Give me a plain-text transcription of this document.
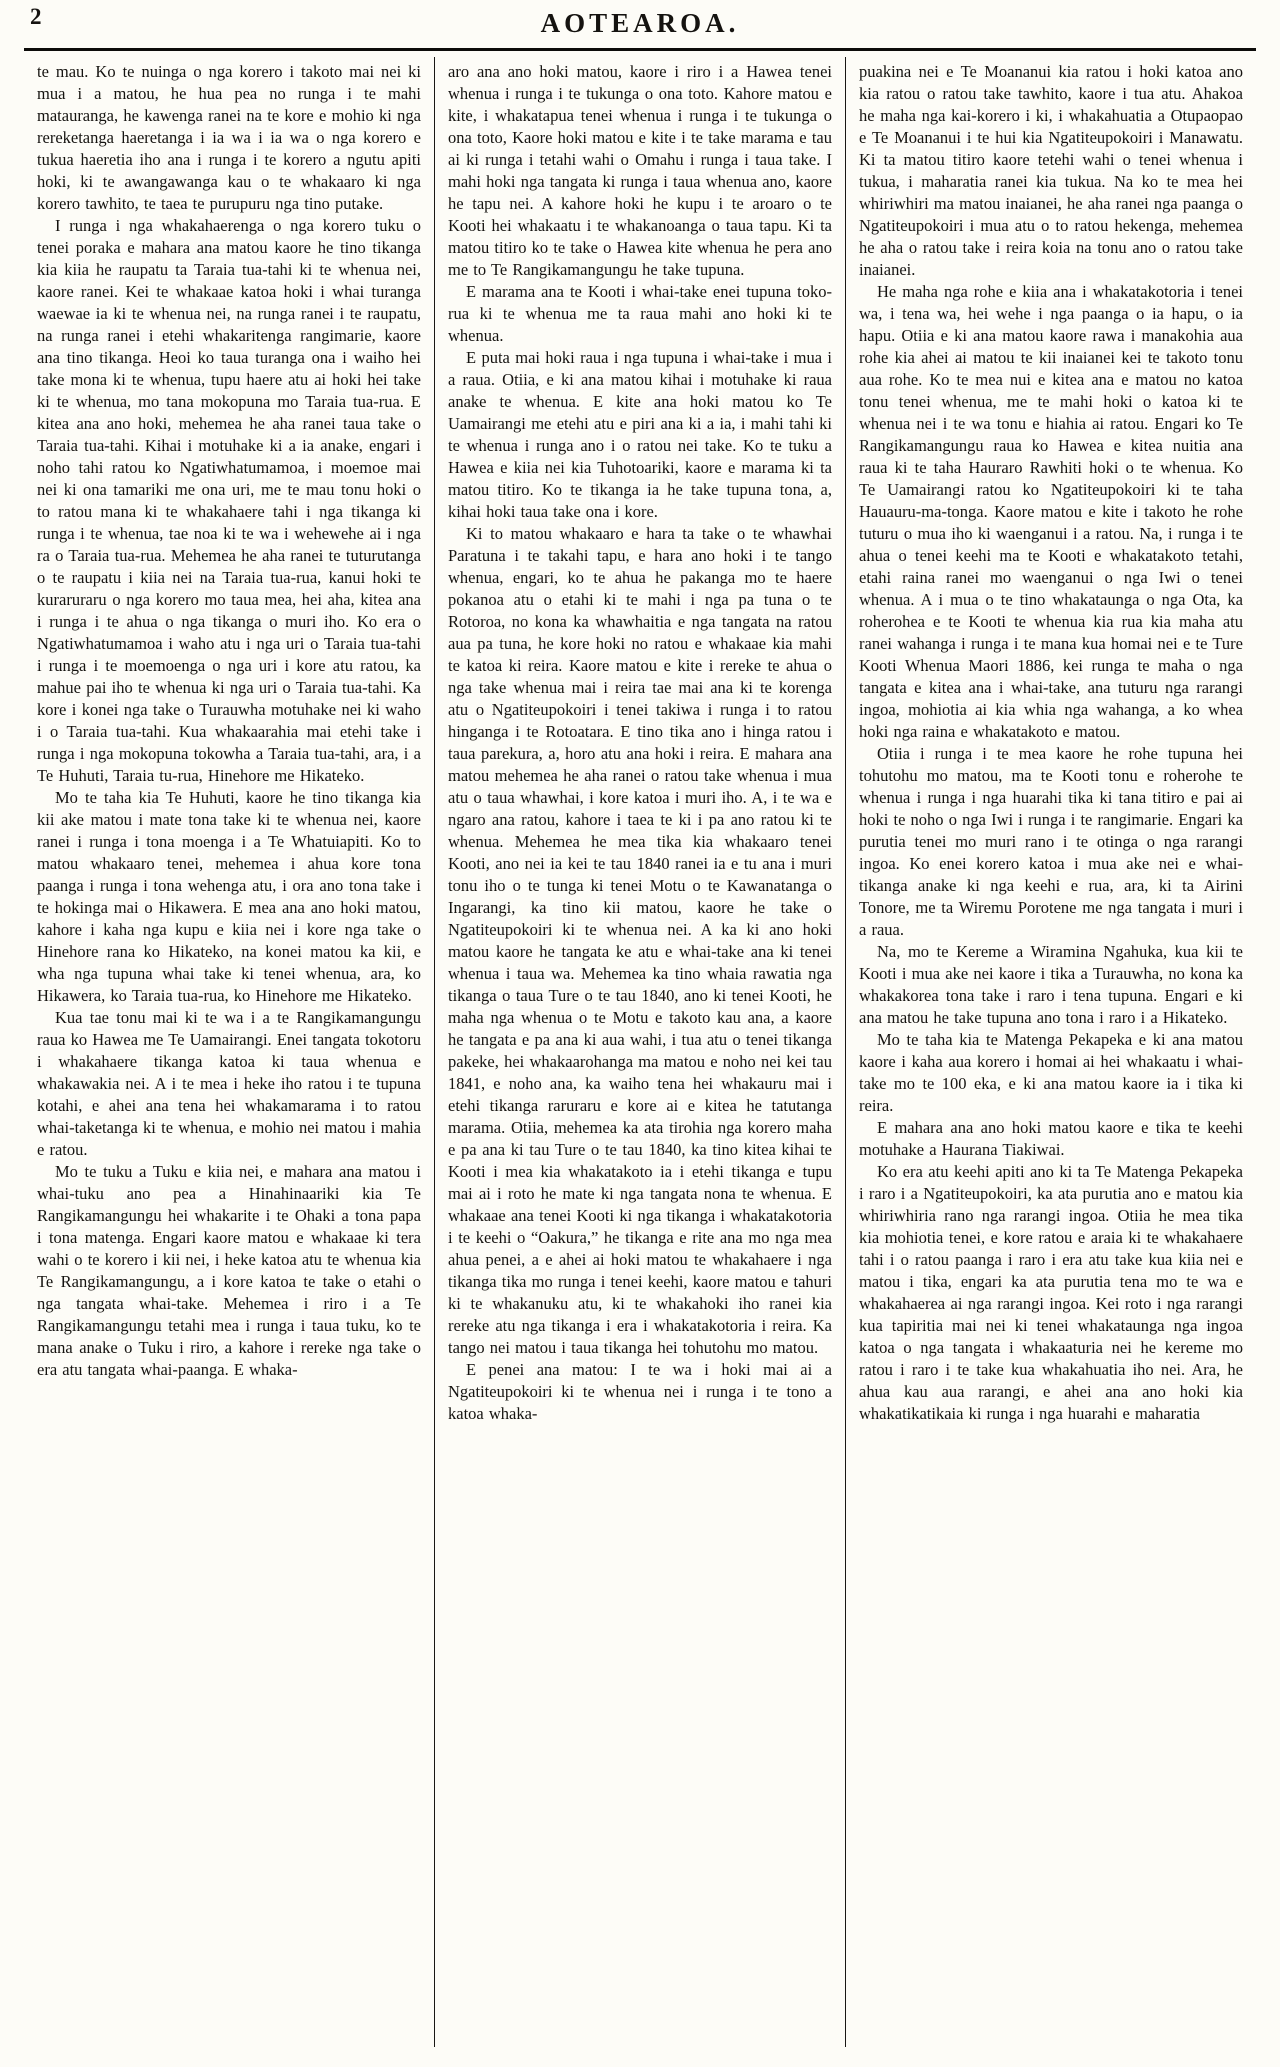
2	AOTEAROA.

te mau. Ko te nuinga o nga korero i takoto mai nei ki mua i a matou, he hua pea no runga i te mahi matauranga, he kawenga ranei na te kore e mohio ki nga rereketanga haeretanga i ia wa i ia wa o nga korero e tukua haeretia iho ana i runga i te korero a ngutu apiti hoki, ki te awangawanga kau o te whakaaro ki nga korero tawhito, te taea te purupuru nga tino putake.

I runga i nga whakahaerenga o nga korero tuku o tenei poraka e mahara ana matou kaore he tino tikanga kia kiia he raupatu ta Taraia tua-tahi ki te whenua nei, kaore ranei. Kei te whakaae katoa hoki i whai turanga waewae ia ki te whenua nei, na runga ranei i te raupatu, na runga ranei i etehi whakaritenga rangimarie, kaore ana tino tikanga. Heoi ko taua turanga ona i waiho hei take mona ki te whenua, tupu haere atu ai hoki hei take ki te whenua, mo tana mokopuna mo Taraia tua-rua. E kitea ana ano hoki, mehemea he aha ranei taua take o Taraia tua-tahi. Kihai i motuhake ki a ia anake, engari i noho tahi ratou ko Ngatiwhatumamoa, i moemoe mai nei ki ona tamariki me ona uri, me te mau tonu hoki o to ratou mana ki te whakahaere tahi i nga tikanga ki runga i te whenua, tae noa ki te wa i wehewehe ai i nga ra o Taraia tua-rua. Mehemea he aha ranei te tuturutanga o te raupatu i kiia nei na Taraia tua-rua, kanui hoki te kuraruraru o nga korero mo taua mea, hei aha, kitea ana i runga i te ahua o nga tikanga o muri iho. Ko era o Ngatiwhatumamoa i waho atu i nga uri o Taraia tua-tahi i runga i te moemoenga o nga uri i kore atu ratou, ka mahue pai iho te whenua ki nga uri o Taraia tua-tahi. Ka kore i konei nga take o Turauwha motuhake nei ki waho i o Taraia tua-tahi. Kua whakaarahia mai etehi take i runga i nga mokopuna tokowha a Taraia tua-tahi, ara, i a Te Huhuti, Taraia tu-rua, Hinehore me Hikateko.

Mo te taha kia Te Huhuti, kaore he tino tikanga kia kii ake matou i mate tona take ki te whenua nei, kaore ranei i runga i tona moenga i a Te Whatuiapiti. Ko to matou whakaaro tenei, mehemea i ahua kore tona paanga i runga i tona wehenga atu, i ora ano tona take i te hokinga mai o Hikawera. E mea ana ano hoki matou, kahore i kaha nga kupu e kiia nei i kore nga take o Hinehore rana ko Hikateko, na konei matou ka kii, e wha nga tupuna whai take ki tenei whenua, ara, ko Hikawera, ko Taraia tua-rua, ko Hinehore me Hikateko.

Kua tae tonu mai ki te wa i a te Rangikamangungu raua ko Hawea me Te Uamairangi. Enei tangata tokotoru i whakahaere tikanga katoa ki taua whenua e whakawakia nei. A i te mea i heke iho ratou i te tupuna kotahi, e ahei ana tena hei whakamarama i to ratou whai-taketanga ki te whenua, e mohio nei matou i mahia e ratou.

Mo te tuku a Tuku e kiia nei, e mahara ana matou i whai-tuku ano pea a Hinahinaariki kia Te Rangikamangungu hei whakarite i te Ohaki a tona papa i tona matenga. Engari kaore matou e whakaae ki tera wahi o te korero i kii nei, i heke katoa atu te whenua kia Te Rangikamangungu, a i kore katoa te take o etahi o nga tangata whai-take. Mehemea i riro i a Te Rangikamangungu tetahi mea i runga i taua tuku, ko te mana anake o Tuku i riro, a kahore i rereke nga take o era atu tangata whai-paanga. E whaka-

aro ana ano hoki matou, kaore i riro i a Hawea tenei whenua i runga i te tukunga o ona toto. Kahore matou e kite, i whakatapua tenei whenua i runga i te tukunga o ona toto, Kaore hoki matou e kite i te take marama e tau ai ki runga i tetahi wahi o Omahu i runga i taua take. I mahi hoki nga tangata ki runga i taua whenua ano, kaore he tapu nei. A kahore hoki he kupu i te aroaro o te Kooti hei whakaatu i te whakanoanga o taua tapu. Ki ta matou titiro ko te take o Hawea kite whenua he pera ano me to Te Rangikamangungu he take tupuna.

E marama ana te Kooti i whai-take enei tupuna toko-rua ki te whenua me ta raua mahi ano hoki ki te whenua.

E puta mai hoki raua i nga tupuna i whai-take i mua i a raua. Otiia, e ki ana matou kihai i motuhake ki raua anake te whenua. E kite ana hoki matou ko Te Uamairangi me etehi atu e piri ana ki a ia, i mahi tahi ki te whenua i runga ano i o ratou nei take. Ko te tuku a Hawea e kiia nei kia Tuhotoariki, kaore e marama ki ta matou titiro. Ko te tikanga ia he take tupuna tona, a, kihai hoki taua take ona i kore.

Ki to matou whakaaro e hara ta take o te whawhai Paratuna i te takahi tapu, e hara ano hoki i te tango whenua, engari, ko te ahua he pakanga mo te haere pokanoa atu o etahi ki te mahi i nga pa tuna o te Rotoroa, no kona ka whawhaitia e nga tangata na ratou aua pa tuna, he kore hoki no ratou e whakaae kia mahi te katoa ki reira. Kaore matou e kite i rereke te ahua o nga take whenua mai i reira tae mai ana ki te korenga atu o Ngatiteupokoiri i tenei takiwa i runga i to ratou hinganga i te Rotoatara. E tino tika ano i hinga ratou i taua parekura, a, horo atu ana hoki i reira. E mahara ana matou mehemea he aha ranei o ratou take whenua i mua atu o taua whawhai, i kore katoa i muri iho. A, i te wa e ngaro ana ratou, kahore i taea te ki i pa ano ratou ki te whenua. Mehemea he mea tika kia whakaaro tenei Kooti, ano nei ia kei te tau 1840 ranei ia e tu ana i muri tonu iho o te tunga ki tenei Motu o te Kawanatanga o Ingarangi, ka tino kii matou, kaore he take o Ngatiteupokoiri ki te whenua nei. A ka ki ano hoki matou kaore he tangata ke atu e whai-take ana ki tenei whenua i taua wa. Mehemea ka tino whaia rawatia nga tikanga o taua Ture o te tau 1840, ano ki tenei Kooti, he maha nga whenua o te Motu e takoto kau ana, a kaore he tangata e pa ana ki aua wahi, i tua atu o tenei tikanga pakeke, hei whakaarohanga ma matou e noho nei kei tau 1841, e noho ana, ka waiho tena hei whakauru mai i etehi tikanga raruraru e kore ai e kitea he tatutanga marama. Otiia, mehemea ka ata tirohia nga korero maha e pa ana ki tau Ture o te tau 1840, ka tino kitea kihai te Kooti i mea kia whakatakoto ia i etehi tikanga e tupu mai ai i roto he mate ki nga tangata nona te whenua. E whakaae ana tenei Kooti ki nga tikanga i whakatakotoria i te keehi o “Oakura,” he tikanga e rite ana mo nga mea ahua penei, a e ahei ai hoki matou te whakahaere i nga tikanga tika mo runga i tenei keehi, kaore matou e tahuri ki te whakanuku atu, ki te whakahoki iho ranei kia rereke atu nga tikanga i era i whakatakotoria i reira. Ka tango nei matou i taua tikanga hei tohutohu mo matou.

E penei ana matou: I te wa i hoki mai ai a Ngatiteupokoiri ki te whenua nei i runga i te tono a katoa whaka-

puakina nei e Te Moananui kia ratou i hoki katoa ano kia ratou o ratou take tawhito, kaore i tua atu. Ahakoa he maha nga kai-korero i ki, i whakahuatia a Otupaopao e Te Moananui i te hui kia Ngatiteupokoiri i Manawatu. Ki ta matou titiro kaore tetehi wahi o tenei whenua i tukua, i maharatia ranei kia tukua. Na ko te mea hei whiriwhiri ma matou inaianei, he aha ranei nga paanga o Ngatiteupokoiri i mua atu o to ratou hekenga, mehemea he aha o ratou take i reira koia na tonu ano o ratou take inaianei.

He maha nga rohe e kiia ana i whakatakotoria i tenei wa, i tena wa, hei wehe i nga paanga o ia hapu, o ia hapu. Otiia e ki ana matou kaore rawa i manakohia aua rohe kia ahei ai matou te kii inaianei kei te takoto tonu aua rohe. Ko te mea nui e kitea ana e matou no katoa tonu tenei whenua, me te mahi hoki o katoa ki te whenua nei i te wa tonu e hiahia ai ratou. Engari ko Te Rangikamangungu raua ko Hawea e kitea nuitia ana raua ki te taha Hauraro Rawhiti hoki o te whenua. Ko Te Uamairangi ratou ko Ngatiteupokoiri ki te taha Hauauru-ma-tonga. Kaore matou e kite i takoto he rohe tuturu o mua iho ki waenganui i a ratou. Na, i runga i te ahua o tenei keehi ma te Kooti e whakatakoto tetahi, etahi raina ranei mo waenganui o nga Iwi o tenei whenua. A i mua o te tino whakataunga o nga Ota, ka roherohea e te Kooti te whenua kia rua kia maha atu ranei wahanga i runga i te mana kua homai nei e te Ture Kooti Whenua Maori 1886, kei runga te maha o nga tangata e kitea ana i whai-take, ana tuturu nga rarangi ingoa, mohiotia ai kia whia nga wahanga, a ko whea hoki nga raina e whakatakoto e matou.

Otiia i runga i te mea kaore he rohe tupuna hei tohutohu mo matou, ma te Kooti tonu e roherohe te whenua i runga i nga huarahi tika ki tana titiro e pai ai hoki te noho o nga Iwi i runga i te rangimarie. Engari ka purutia tenei mo muri rano i te otinga o nga rarangi ingoa. Ko enei korero katoa i mua ake nei e whai-tikanga anake ki nga keehi e rua, ara, ki ta Airini Tonore, me ta Wiremu Porotene me nga tangata i muri i a raua.

Na, mo te Kereme a Wiramina Ngahuka, kua kii te Kooti i mua ake nei kaore i tika a Turauwha, no kona ka whakakorea tona take i raro i tena tupuna. Engari e ki ana matou he take tupuna ano tona i raro i a Hikateko.

Mo te taha kia te Matenga Pekapeka e ki ana matou kaore i kaha aua korero i homai ai hei whakaatu i whai-take mo te 100 eka, e ki ana matou kaore ia i tika ki reira.

E mahara ana ano hoki matou kaore e tika te keehi motuhake a Haurana Tiakiwai.

Ko era atu keehi apiti ano ki ta Te Matenga Pekapeka i raro i a Ngatiteupokoiri, ka ata purutia ano e matou kia whiriwhiria rano nga rarangi ingoa. Otiia he mea tika kia mohiotia tenei, e kore ratou e araia ki te whakahaere tahi i o ratou paanga i raro i era atu take kua kiia nei e matou i tika, engari ka ata purutia tena mo te wa e whakahaerea ai nga rarangi ingoa. Kei roto i nga rarangi kua tapiritia mai nei ki tenei whakataunga nga ingoa katoa o nga tangata i whakaaturia nei he kereme mo ratou i raro i te take kua whakahuatia iho nei. Ara, he ahua kau aua rarangi, e ahei ana ano hoki kia whakatikatikaia ki runga i nga huarahi e maharatia
